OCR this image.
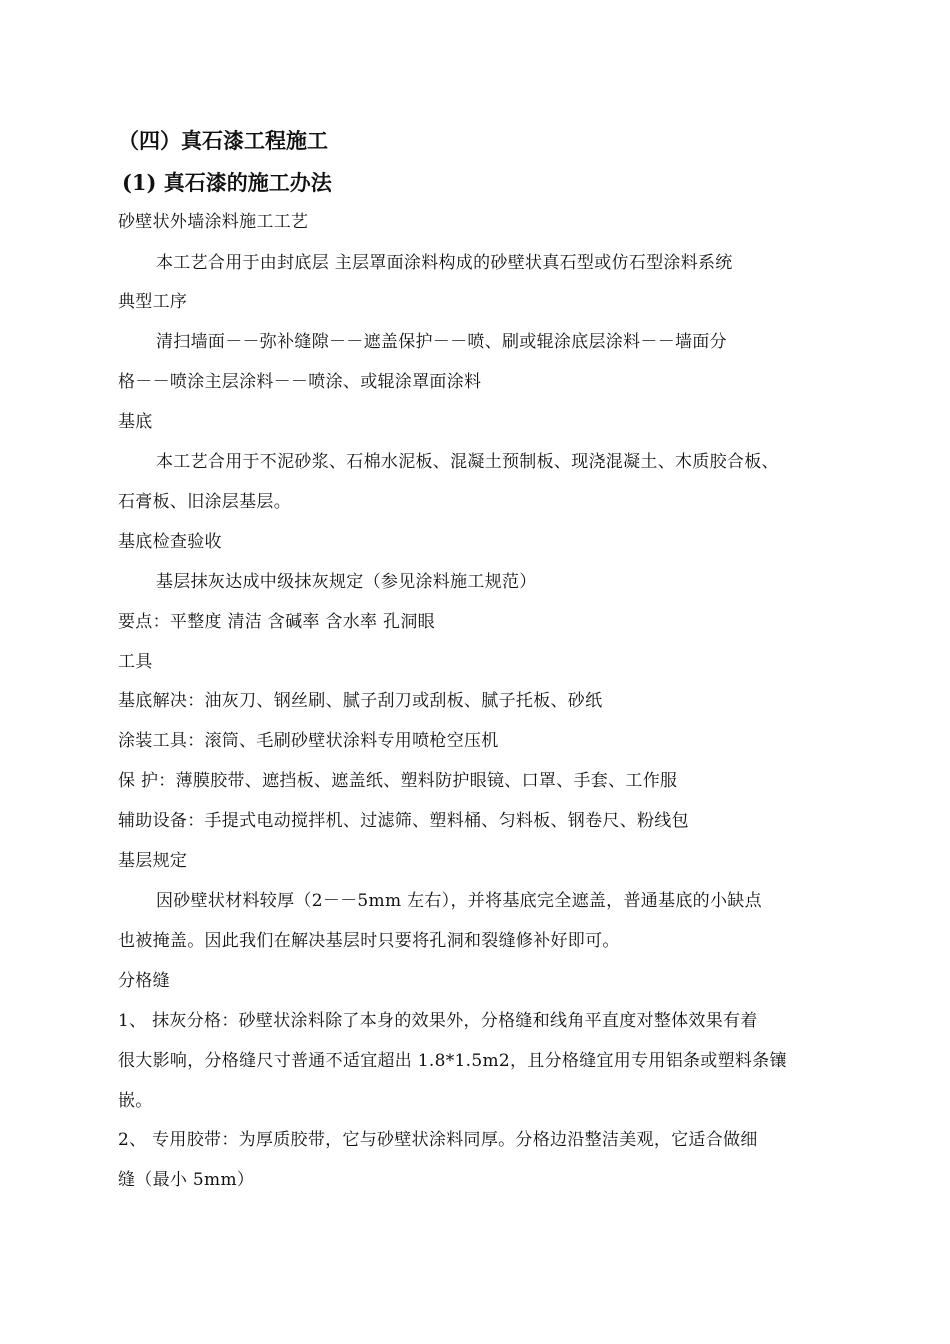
（四）真石漆工程施工
(1) 真石漆的施工办法
砂壁状外墙涂料施工工艺
本工艺合用于由封底层 主层罩面涂料构成的砂壁状真石型或仿石型涂料系统
典型工序
清扫墙面－－弥补缝隙－－遮盖保护－－喷、刷或辊涂底层涂料－－墙面分
格－－喷涂主层涂料－－喷涂、或辊涂罩面涂料
基底
本工艺合用于不泥砂浆、石棉水泥板、混凝土预制板、现浇混凝土、木质胶合板、
石膏板、旧涂层基层。
基底检查验收
基层抹灰达成中级抹灰规定（参见涂料施工规范）
要点：平整度 清洁 含碱率 含水率 孔洞眼
工具
基底解决：油灰刀、钢丝刷、腻子刮刀或刮板、腻子托板、砂纸
涂装工具：滚筒、毛刷砂壁状涂料专用喷枪空压机
保 护：薄膜胶带、遮挡板、遮盖纸、塑料防护眼镜、口罩、手套、工作服
辅助设备：手提式电动搅拌机、过滤筛、塑料桶、匀料板、钢卷尺、粉线包
基层规定
因砂壁状材料较厚（2－－5mm 左右），并将基底完全遮盖，普通基底的小缺点
也被掩盖。因此我们在解决基层时只要将孔洞和裂缝修补好即可。
分格缝
1、 抹灰分格：砂壁状涂料除了本身的效果外，分格缝和线角平直度对整体效果有着
很大影响，分格缝尺寸普通不适宜超出 1.8*1.5m2，且分格缝宜用专用铝条或塑料条镶
嵌。
2、 专用胶带：为厚质胶带，它与砂壁状涂料同厚。分格边沿整洁美观，它适合做细
缝（最小 5mm）
